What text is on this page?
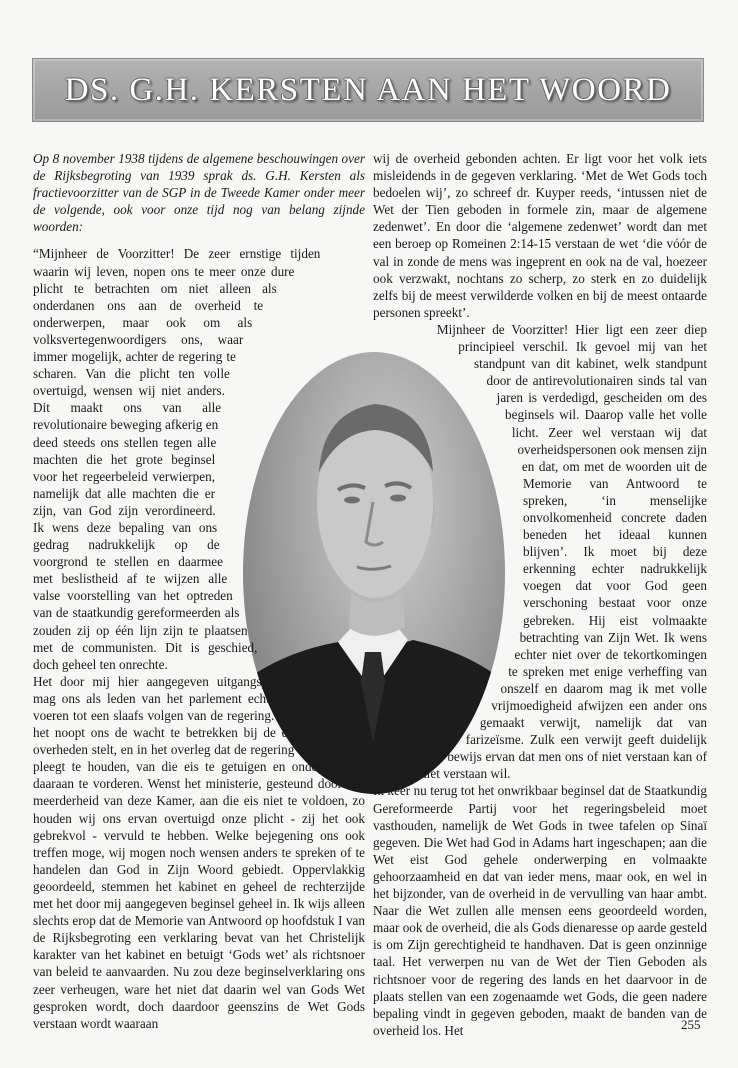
DS. G.H. KERSTEN AAN HET WOORD

Op 8 november 1938 tijdens de algemene beschouwingen over de Rijksbegroting van 1939 sprak ds. G.H. Kersten als fractievoorzitter van de SGP in de Tweede Kamer onder meer de volgende, ook voor onze tijd nog van belang zijnde woorden:

“Mijnheer de Voorzitter! De zeer ernstige tijden waarin wij leven, nopen ons te meer onze dure plicht te betrachten om niet alleen als onderdanen ons aan de overheid te onderwerpen, maar ook om als volksvertegenwoordigers ons, waar immer mogelijk, achter de regering te scharen. Van die plicht ten volle overtuigd, wensen wij niet anders. Dit maakt ons van alle revolutionaire beweging afkerig en deed steeds ons stellen tegen alle machten die het grote beginsel voor het regeerbeleid verwierpen, namelijk dat alle machten die er zijn, van God zijn verordineerd. Ik wens deze bepaling van ons gedrag nadrukkelijk op de voorgrond te stellen en daarmee met beslistheid af te wijzen alle valse voorstelling van het optreden van de staatkundig gereformeerden als zouden zij op één lijn zijn te plaatsen met de communisten. Dit is geschied, doch geheel ten onrechte.

Het door mij hier aangegeven uitgangspunt mag ons als leden van het parlement echter niet voeren tot een slaafs volgen van de regering. Integendeel, het noopt ons de wacht te betrekken bij de eis die God de overheden stelt, en in het overleg dat de regering met het volk pleegt te houden, van die eis te getuigen en onderwerping daaraan te vorderen. Wenst het ministerie, gesteund door een meerderheid van deze Kamer, aan die eis niet te voldoen, zo houden wij ons ervan overtuigd onze plicht - zij het ook gebrekvol - vervuld te hebben. Welke bejegening ons ook treffen moge, wij mogen noch wensen anders te spreken of te handelen dan God in Zijn Woord gebiedt. Oppervlakkig geoordeeld, stemmen het kabinet en geheel de rechterzijde met het door mij aangegeven beginsel geheel in. Ik wijs alleen slechts erop dat de Memorie van Antwoord op hoofdstuk I van de Rijksbegroting een verklaring bevat van het Christelijk karakter van het kabinet en betuigt ‘Gods wet’ als richtsnoer van beleid te aanvaarden. Nu zou deze beginselverklaring ons zeer verheugen, ware het niet dat daarin wel van Gods Wet gesproken wordt, doch daardoor geenszins de Wet Gods verstaan wordt waaraan

wij de overheid gebonden achten. Er ligt voor het volk iets misleidends in de gegeven verklaring. ‘Met de Wet Gods toch bedoelen wij’, zo schreef dr. Kuyper reeds, ‘intussen niet de Wet der Tien geboden in formele zin, maar de algemene zedenwet’. En door die ‘algemene zedenwet’ wordt dan met een beroep op Romeinen 2:14-15 verstaan de wet ‘die vóór de val in zonde de mens was ingeprent en ook na de val, hoezeer ook verzwakt, nochtans zo scherp, zo sterk en zo duidelijk zelfs bij de meest verwilderde volken en bij de meest ontaarde personen spreekt’.

Mijnheer de Voorzitter! Hier ligt een zeer diep principieel verschil. Ik gevoel mij van het standpunt van dit kabinet, welk standpunt door de antirevolutionairen sinds tal van jaren is verdedigd, gescheiden om des beginsels wil. Daarop valle het volle licht. Zeer wel verstaan wij dat overheidspersonen ook mensen zijn en dat, om met de woorden uit de Memorie van Antwoord te spreken, ‘in menselijke onvolkomenheid concrete daden beneden het ideaal kunnen blijven’. Ik moet bij deze erkenning echter nadrukkelijk voegen dat voor God geen verschoning bestaat voor onze gebreken. Hij eist volmaakte betrachting van Zijn Wet. Ik wens echter niet over de tekortkomingen te spreken met enige verheffing van onszelf en daarom mag ik met volle vrijmoedigheid afwijzen een ander ons gemaakt verwijt, namelijk dat van farizeïsme. Zulk een verwijt geeft duidelijk bewijs ervan dat men ons of niet verstaan kan of niet verstaan wil.

Ik keer nu terug tot het onwrikbaar beginsel dat de Staatkundig Gereformeerde Partij voor het regeringsbeleid moet vasthouden, namelijk de Wet Gods in twee tafelen op Sinaï gegeven. Die Wet had God in Adams hart ingeschapen; aan die Wet eist God gehele onderwerping en volmaakte gehoorzaamheid en dat van ieder mens, maar ook, en wel in het bijzonder, van de overheid in de vervulling van haar ambt. Naar die Wet zullen alle mensen eens geoordeeld worden, maar ook de overheid, die als Gods dienaresse op aarde gesteld is om Zijn gerechtigheid te handhaven. Dat is geen onzinnige taal. Het verwerpen nu van de Wet der Tien Geboden als richtsnoer voor de regering des lands en het daarvoor in de plaats stellen van een zogenaamde wet Gods, die geen nadere bepaling vindt in gegeven geboden, maakt de banden van de overheid los. Het	255
